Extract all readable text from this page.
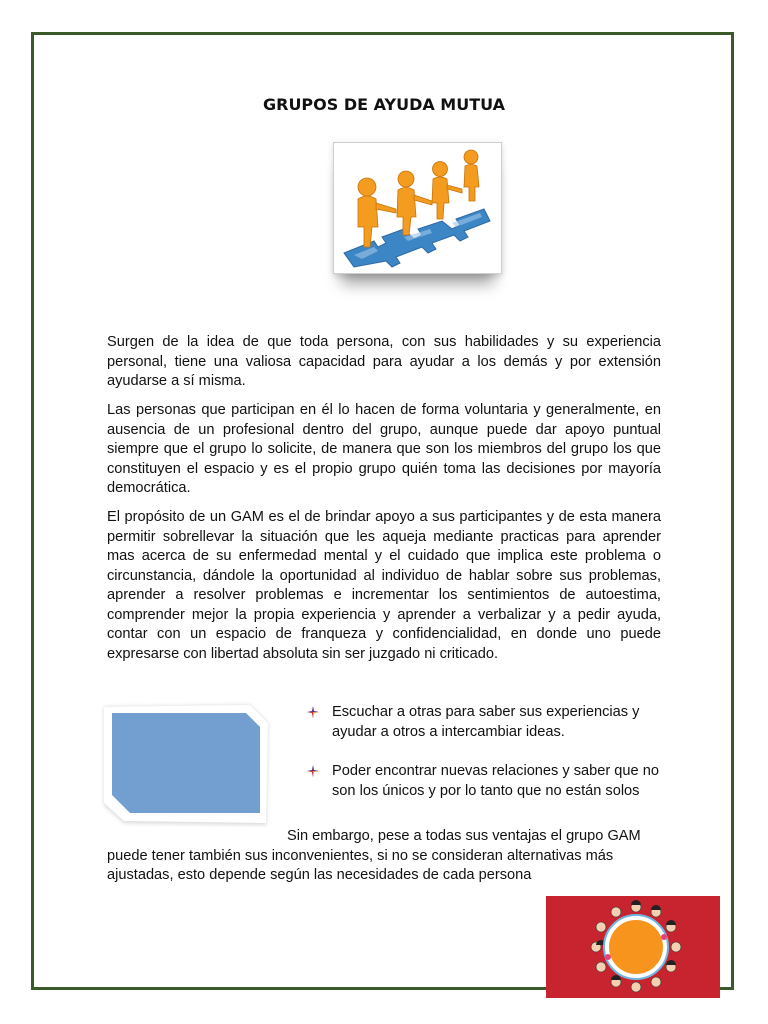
GRUPOS DE AYUDA MUTUA

Surgen de la idea de que toda persona, con sus habilidades y su experiencia personal, tiene una valiosa capacidad para ayudar a los demás y por extensión ayudarse a sí misma.

Las personas que participan en él lo hacen de forma voluntaria y generalmente, en ausencia de un profesional dentro del grupo, aunque puede dar apoyo puntual siempre que el grupo lo solicite, de manera que son los miembros del grupo los que constituyen el espacio y es el propio grupo quién toma las decisiones por mayoría democrática.

El propósito de un GAM es el de brindar apoyo a sus participantes y de esta manera permitir sobrellevar la situación que les aqueja mediante practicas para aprender mas acerca de su enfermedad mental y el cuidado que implica este problema o circunstancia, dándole la oportunidad al individuo de hablar sobre sus problemas, aprender a resolver problemas e incrementar los sentimientos de autoestima, comprender mejor la propia experiencia y aprender a verbalizar y a pedir ayuda, contar con un espacio de franqueza y confidencialidad, en donde uno puede expresarse con libertad absoluta sin ser juzgado ni criticado.

Escuchar a otras para saber sus experiencias y ayudar a otros a intercambiar ideas.
Poder encontrar nuevas relaciones y saber que no son los únicos y por lo tanto que no están solos

Sin embargo, pese a todas sus ventajas el grupo GAM puede tener también sus inconvenientes, si no se consideran alternativas más ajustadas, esto depende según las necesidades de cada persona
